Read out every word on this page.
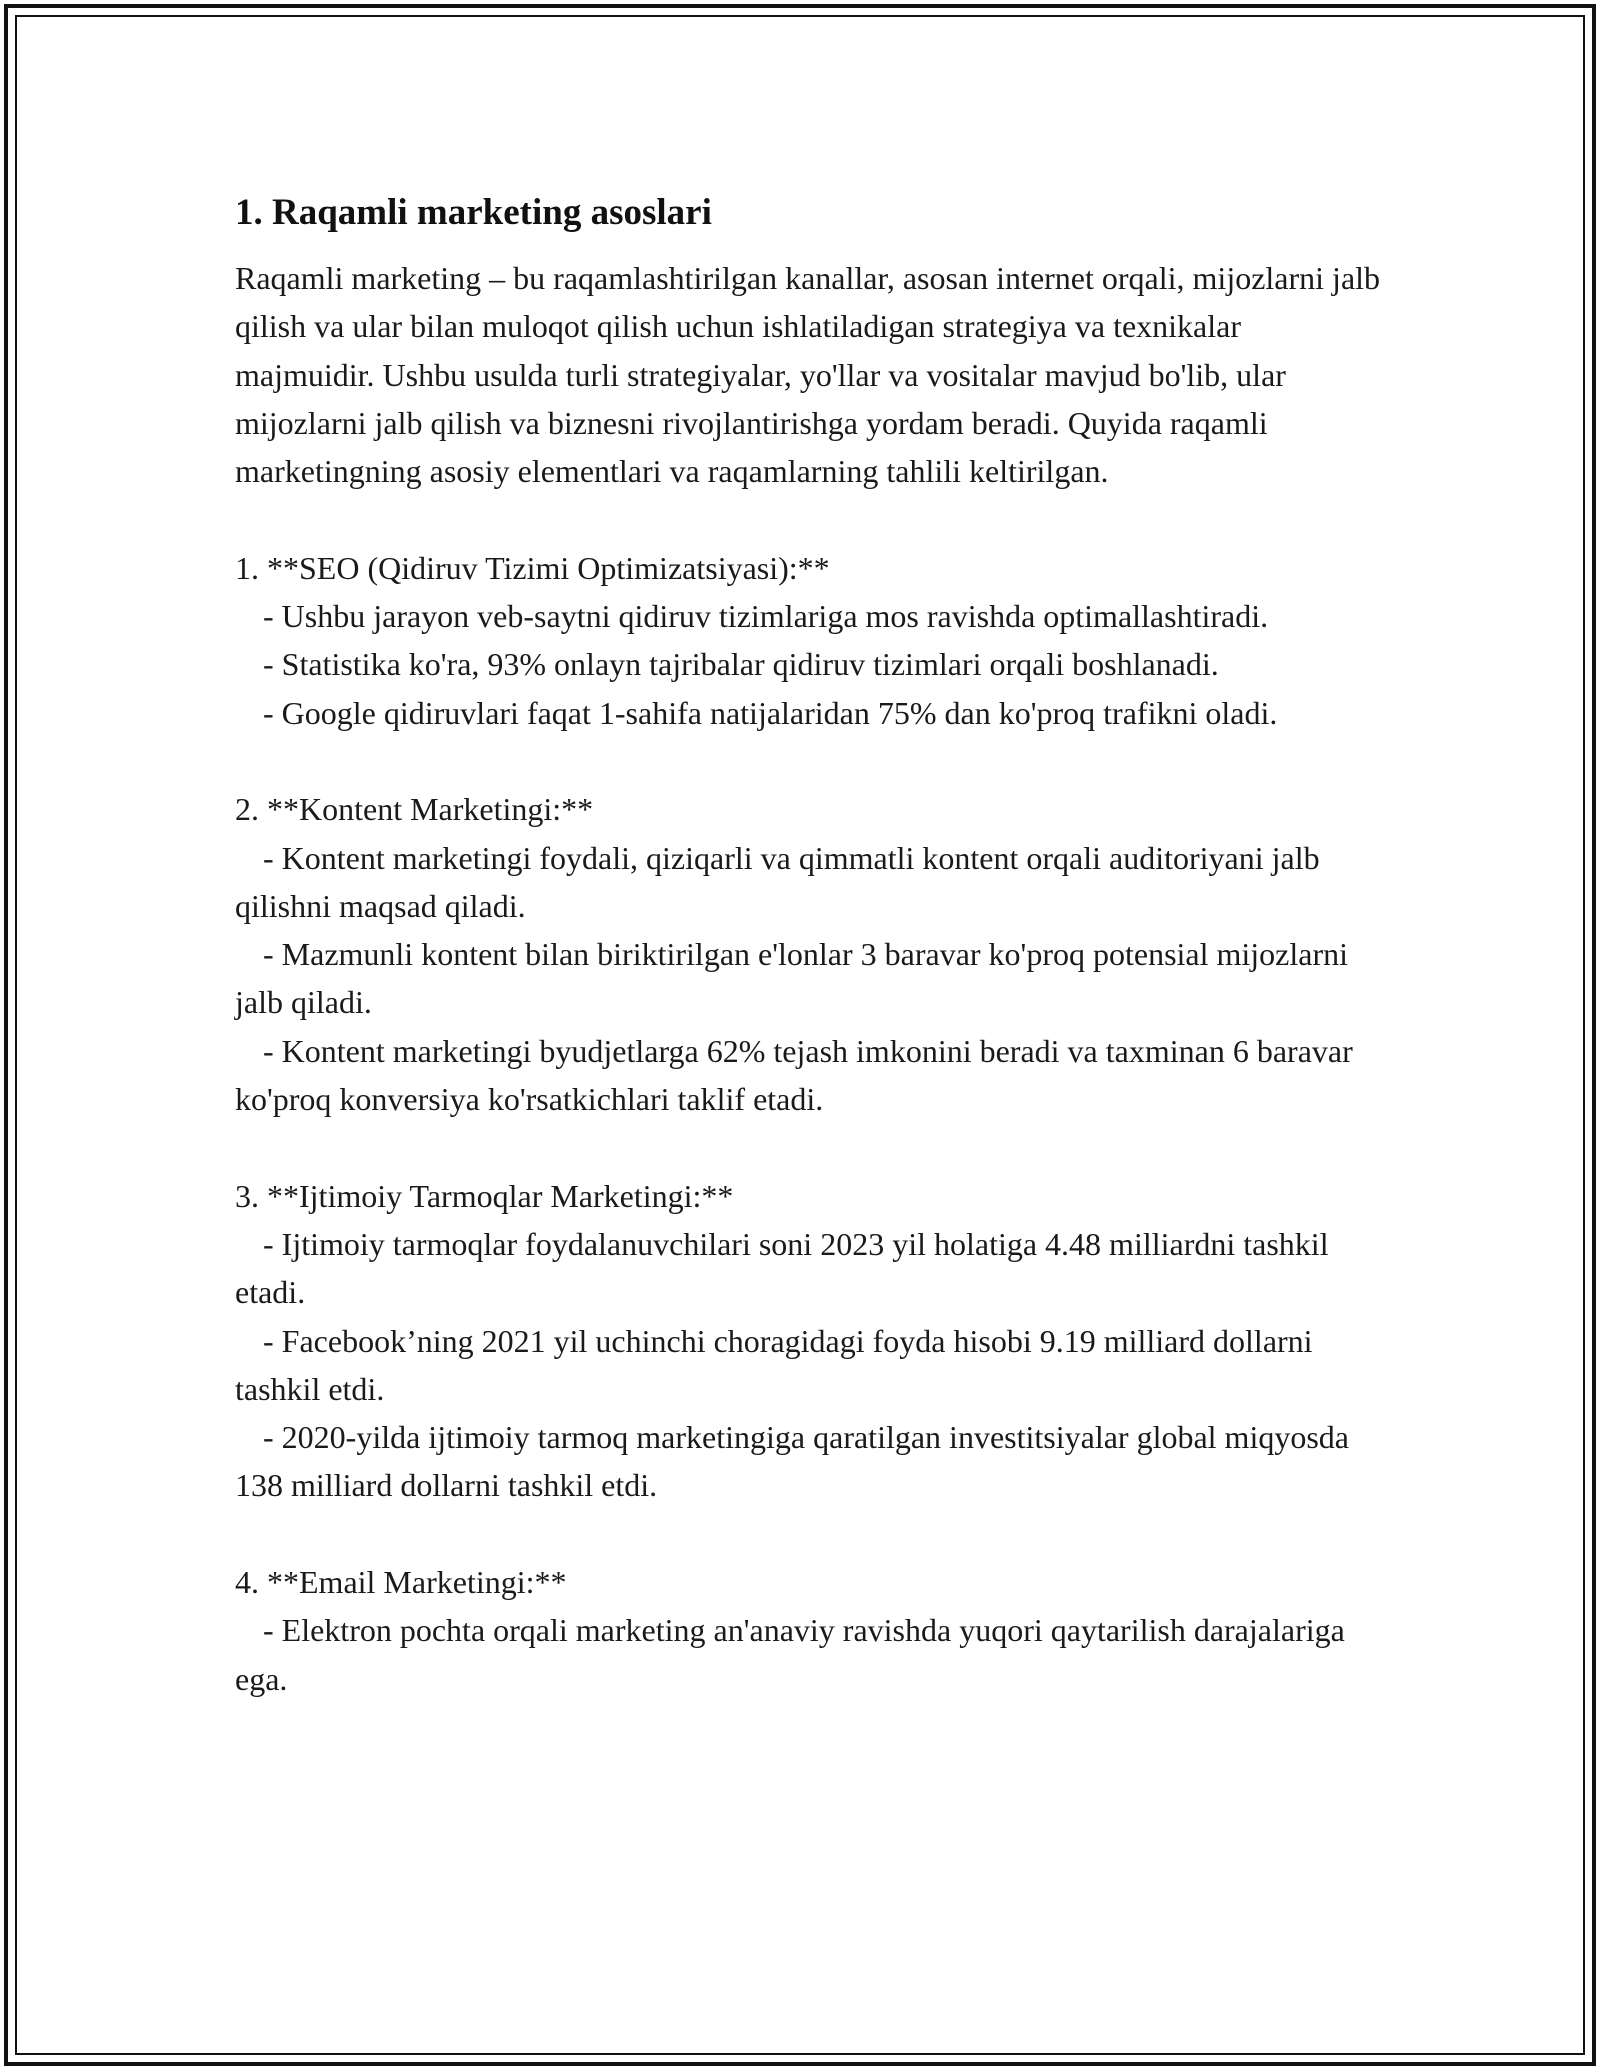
1. Raqamli marketing asoslari

Raqamli marketing – bu raqamlashtirilgan kanallar, asosan internet orqali, mijozlarni jalb qilish va ular bilan muloqot qilish uchun ishlatiladigan strategiya va texnikalar majmuidir. Ushbu usulda turli strategiyalar, yo'llar va vositalar mavjud bo'lib, ular mijozlarni jalb qilish va biznesni rivojlantirishga yordam beradi. Quyida raqamli marketingning asosiy elementlari va raqamlarning tahlili keltirilgan.

1. **SEO (Qidiruv Tizimi Optimizatsiyasi):**

- Ushbu jarayon veb-saytni qidiruv tizimlariga mos ravishda optimallashtiradi.

- Statistika ko'ra, 93% onlayn tajribalar qidiruv tizimlari orqali boshlanadi.

- Google qidiruvlari faqat 1-sahifa natijalaridan 75% dan ko'proq trafikni oladi.

2. **Kontent Marketingi:**

- Kontent marketingi foydali, qiziqarli va qimmatli kontent orqali auditoriyani jalb qilishni maqsad qiladi.

- Mazmunli kontent bilan biriktirilgan e'lonlar 3 baravar ko'proq potensial mijozlarni jalb qiladi.

- Kontent marketingi byudjetlarga 62% tejash imkonini beradi va taxminan 6 baravar ko'proq konversiya ko'rsatkichlari taklif etadi.

3. **Ijtimoiy Tarmoqlar Marketingi:**

- Ijtimoiy tarmoqlar foydalanuvchilari soni 2023 yil holatiga 4.48 milliardni tashkil etadi.

- Facebook’ning 2021 yil uchinchi choragidagi foyda hisobi 9.19 milliard dollarni tashkil etdi.

- 2020-yilda ijtimoiy tarmoq marketingiga qaratilgan investitsiyalar global miqyosda 138 milliard dollarni tashkil etdi.

4. **Email Marketingi:**

- Elektron pochta orqali marketing an'anaviy ravishda yuqori qaytarilish darajalariga ega.
